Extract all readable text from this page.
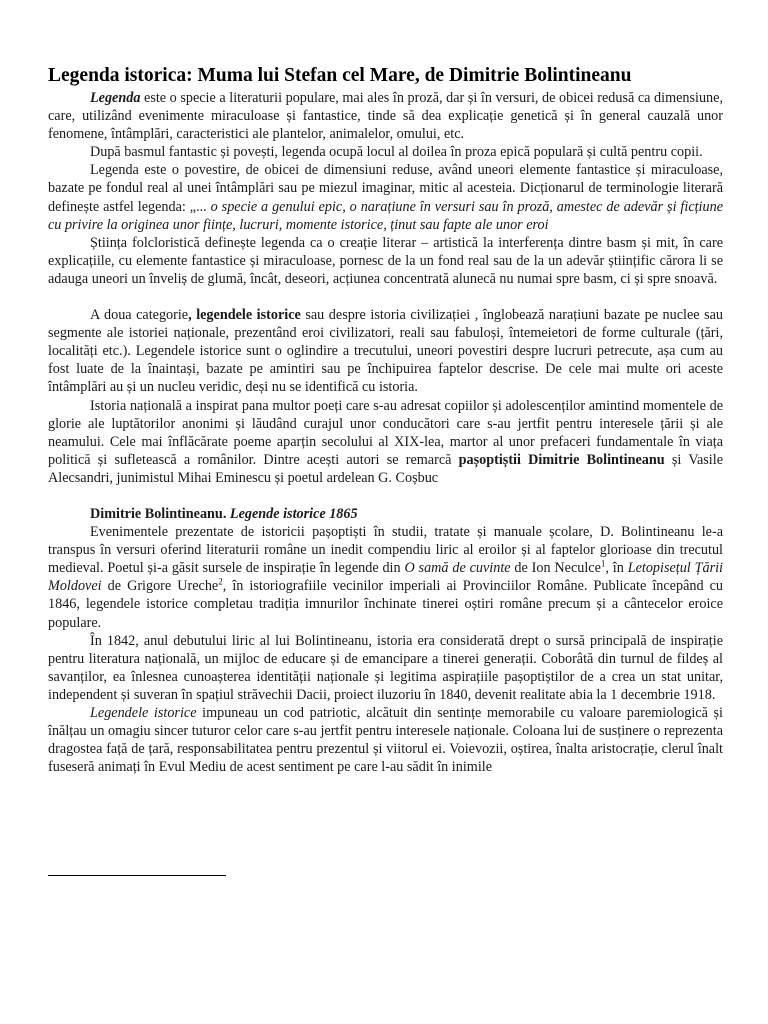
Legenda istorica: Muma lui Stefan cel Mare, de Dimitrie Bolintineanu

Legenda este o specie a literaturii populare, mai ales în proză, dar și în versuri, de obicei redusă ca dimensiune, care, utilizând evenimente miraculoase și fantastice, tinde să dea explicație genetică și în general cauzală unor fenomene, întâmplări, caracteristici ale plantelor, animalelor, omului, etc.

După basmul fantastic și povești, legenda ocupă locul al doilea în proza epică populară și cultă pentru copii.

Legenda este o povestire, de obicei de dimensiuni reduse, având uneori elemente fantastice și miraculoase, bazate pe fondul real al unei întâmplări sau pe miezul imaginar, mitic al acesteia. Dicționarul de terminologie literară definește astfel legenda: „... o specie a genului epic, o narațiune în versuri sau în proză, amestec de adevăr și ficțiune cu privire la originea unor ființe, lucruri, momente istorice, ținut sau fapte ale unor eroi

Știința folcloristică definește legenda ca o creație literar – artistică la interferența dintre basm și mit, în care explicațiile, cu elemente fantastice și miraculoase, pornesc de la un fond real sau de la un adevăr științific cărora li se adauga uneori un înveliș de glumă, încât, deseori, acțiunea concentrată alunecă nu numai spre basm, ci și spre snoavă.

A doua categorie, legendele istorice sau despre istoria civilizației , înglobează narațiuni bazate pe nuclee sau segmente ale istoriei naționale, prezentând eroi civilizatori, reali sau fabuloși, întemeietori de forme culturale (țări, localități etc.). Legendele istorice sunt o oglindire a trecutului, uneori povestiri despre lucruri petrecute, așa cum au fost luate de la înaintași, bazate pe amintiri sau pe închipuirea faptelor descrise. De cele mai multe ori aceste întâmplări au și un nucleu veridic, deși nu se identifică cu istoria.

Istoria națională a inspirat pana multor poeți care s-au adresat copiilor și adolescenților amintind momentele de glorie ale luptătorilor anonimi și lăudând curajul unor conducători care s-au jertfit pentru interesele țării și ale neamului. Cele mai înflăcărate poeme aparțin secolului al XIX-lea, martor al unor prefaceri fundamentale în viața politică și sufletească a românilor. Dintre acești autori se remarcă pașoptiștii Dimitrie Bolintineanu și Vasile Alecsandri, junimistul Mihai Eminescu și poetul ardelean G. Coșbuc

Dimitrie Bolintineanu. Legende istorice 1865

Evenimentele prezentate de istoricii pașoptiști în studii, tratate și manuale școlare, D. Bolintineanu le-a transpus în versuri oferind literaturii române un inedit compendiu liric al eroilor și al faptelor glorioase din trecutul medieval. Poetul și-a găsit sursele de inspirație în legende din O samă de cuvinte de Ion Neculce$^1$, în Letopisețul Țării Moldovei de Grigore Ureche$^2$, în istoriografiile vecinilor imperiali ai Provinciilor Române. Publicate începând cu 1846, legendele istorice completau tradiția imnurilor închinate tinerei oștiri române precum și a cântecelor eroice populare.

În 1842, anul debutului liric al lui Bolintineanu, istoria era considerată drept o sursă principală de inspirație pentru literatura națională, un mijloc de educare și de emancipare a tinerei generații. Coborâtă din turnul de fildeș al savanților, ea înlesnea cunoașterea identității naționale și legitima aspirațiile pașoptiștilor de a crea un stat unitar, independent și suveran în spațiul străvechii Dacii, proiect iluzoriu în 1840, devenit realitate abia la 1 decembrie 1918.

Legendele istorice impuneau un cod patriotic, alcătuit din sentințe memorabile cu valoare paremiologică și înălțau un omagiu sincer tuturor celor care s-au jertfit pentru interesele naționale. Coloana lui de susținere o reprezenta dragostea față de țară, responsabilitatea pentru prezentul și viitorul ei. Voievozii, oștirea, înalta aristocrație, clerul înalt fuseseră animați în Evul Mediu de acest sentiment pe care l-au sădit în inimile
